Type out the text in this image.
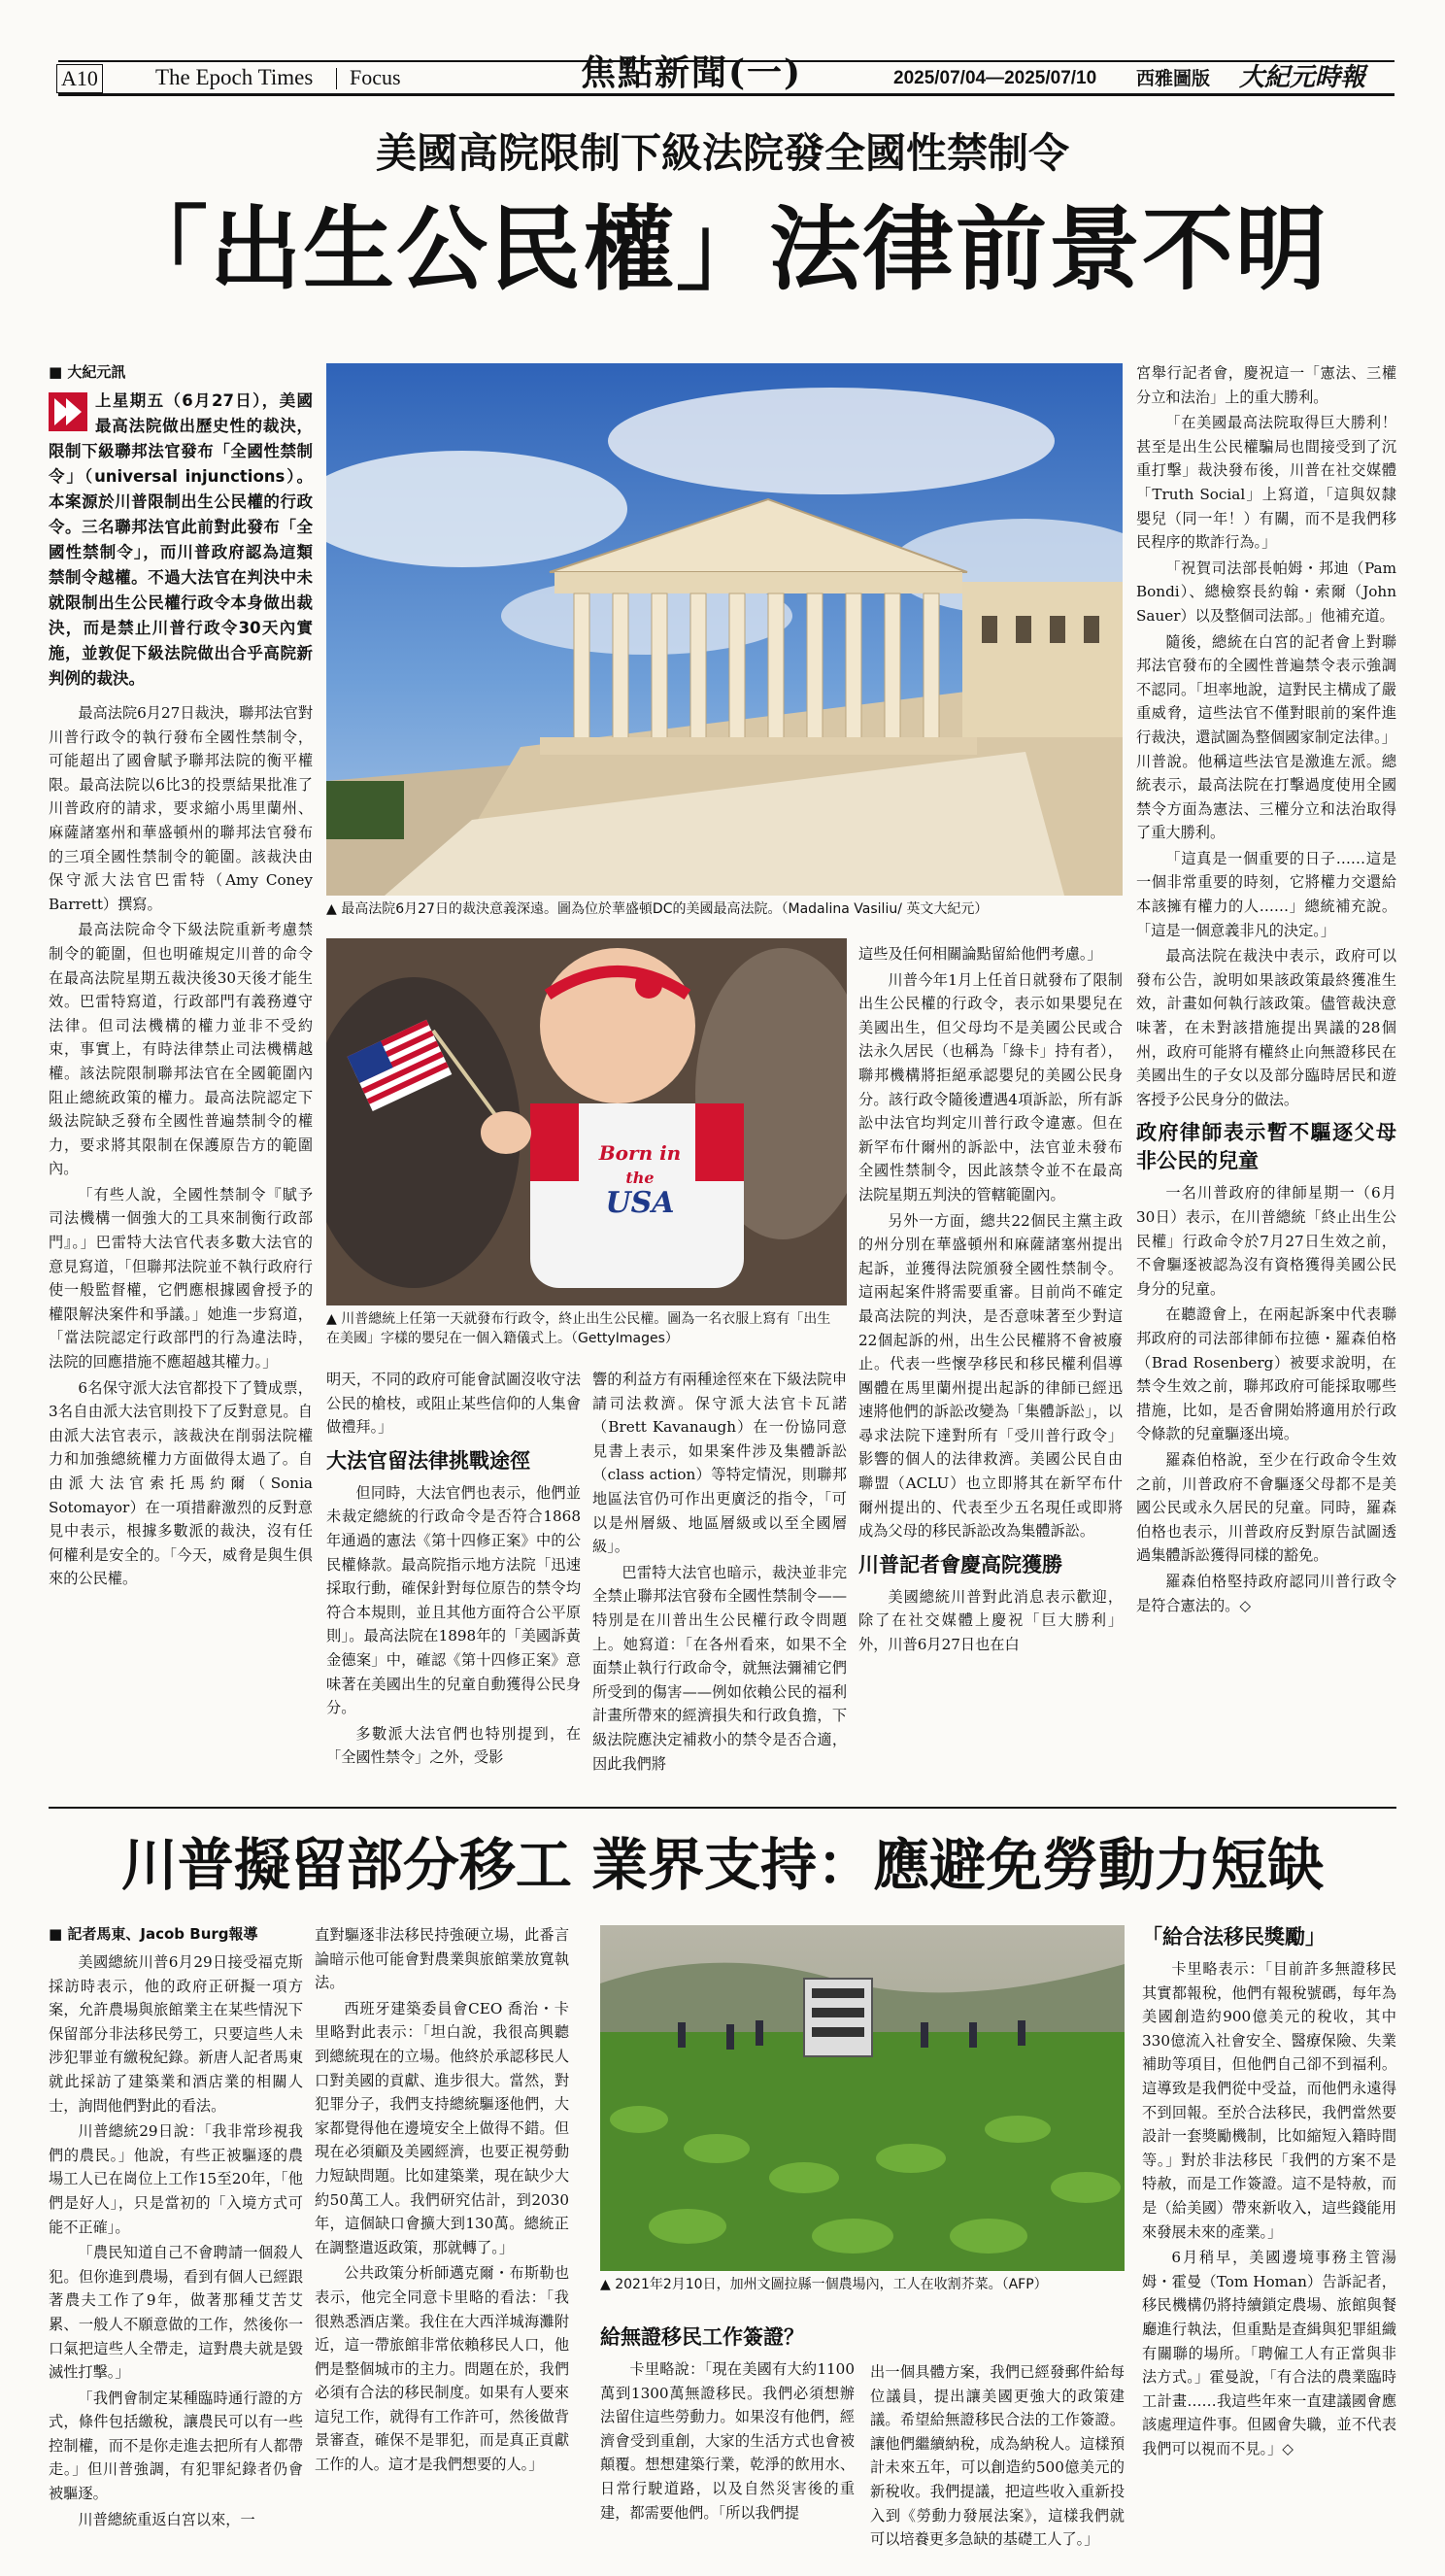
A10	The Epoch Times Focus	焦點新聞(一)	2025/07/04—2025/07/10 西雅圖版 大紀元時報
美國高院限制下級法院發全國性禁制令
「出生公民權」法律前景不明
■ 大紀元訊
上星期五（6月27日），美國最高法院做出歷史性的裁決，限制下級聯邦法官發布「全國性禁制令」（universal injunctions）。本案源於川普限制出生公民權的行政令。三名聯邦法官此前對此發布「全國性禁制令」，而川普政府認為這類禁制令越權。不過大法官在判決中未就限制出生公民權行政令本身做出裁決，而是禁止川普行政令30天內實施，並敦促下級法院做出合乎高院新判例的裁決。

最高法院6月27日裁決，聯邦法官對川普行政令的執行發布全國性禁制令，可能超出了國會賦予聯邦法院的衡平權限。最高法院以6比3的投票結果批准了川普政府的請求，要求縮小馬里蘭州、麻薩諸塞州和華盛頓州的聯邦法官發布的三項全國性禁制令的範圍。該裁決由保守派大法官巴雷特（Amy Coney Barrett）撰寫。

最高法院命令下級法院重新考慮禁制令的範圍，但也明確規定川普的命令在最高法院星期五裁決後30天後才能生效。巴雷特寫道，行政部門有義務遵守法律。但司法機構的權力並非不受約束，事實上，有時法律禁止司法機構越權。該法院限制聯邦法官在全國範圍內阻止總統政策的權力。最高法院認定下級法院缺乏發布全國性普遍禁制令的權力，要求將其限制在保護原告方的範圍內。

「有些人說，全國性禁制令『賦予司法機構一個強大的工具來制衡行政部門』。」巴雷特大法官代表多數大法官的意見寫道，「但聯邦法院並不執行政府行使一般監督權，它們應根據國會授予的權限解決案件和爭議。」她進一步寫道，「當法院認定行政部門的行為違法時，法院的回應措施不應超越其權力。」

6名保守派大法官都投下了贊成票，3名自由派大法官則投下了反對意見。自由派大法官表示，該裁決在削弱法院權力和加強總統權力方面做得太過了。自由派大法官索托馬約爾（Sonia Sotomayor）在一項措辭激烈的反對意見中表示，根據多數派的裁決，沒有任何權利是安全的。「今天，威脅是與生俱來的公民權。

▲ 最高法院6月27日的裁決意義深遠。圖為位於華盛頓DC的美國最高法院。（Madalina Vasiliu/ 英文大紀元）
Born in
the
USA
▲ 川普總統上任第一天就發布行政令，終止出生公民權。圖為一名衣服上寫有「出生在美國」字樣的嬰兒在一個入籍儀式上。（GettyImages）

明天，不同的政府可能會試圖沒收守法公民的槍枝，或阻止某些信仰的人集會做禮拜。」

大法官留法律挑戰途徑

但同時，大法官們也表示，他們並未裁定總統的行政命令是否符合1868年通過的憲法《第十四修正案》中的公民權條款。最高院指示地方法院「迅速採取行動，確保針對每位原告的禁令均符合本規則，並且其他方面符合公平原則」。最高法院在1898年的「美國訴黃金德案」中，確認《第十四修正案》意味著在美國出生的兒童自動獲得公民身分。

多數派大法官們也特別提到，在「全國性禁令」之外，受影

響的利益方有兩種途徑來在下級法院申請司法救濟。保守派大法官卡瓦諾（Brett Kavanaugh）在一份協同意見書上表示，如果案件涉及集體訴訟（class action）等特定情況，則聯邦地區法官仍可作出更廣泛的指令，「可以是州層級、地區層級或以至全國層級」。

巴雷特大法官也暗示，裁決並非完全禁止聯邦法官發布全國性禁制令——特別是在川普出生公民權行政令問題上。她寫道：「在各州看來，如果不全面禁止執行行政命令，就無法彌補它們所受到的傷害——例如依賴公民的福利計畫所帶來的經濟損失和行政負擔，下級法院應決定補救小的禁令是否合適，因此我們將

這些及任何相關論點留給他們考慮。」

川普今年1月上任首日就發布了限制出生公民權的行政令，表示如果嬰兒在美國出生，但父母均不是美國公民或合法永久居民（也稱為「綠卡」持有者），聯邦機構將拒絕承認嬰兒的美國公民身分。該行政令隨後遭遇4項訴訟，所有訴訟中法官均判定川普行政令違憲。但在新罕布什爾州的訴訟中，法官並未發布全國性禁制令，因此該禁令並不在最高法院星期五判決的管轄範圍內。

另外一方面，總共22個民主黨主政的州分別在華盛頓州和麻薩諸塞州提出起訴，並獲得法院頒發全國性禁制令。這兩起案件將需要重審。目前尚不確定最高法院的判決，是否意味著至少對這22個起訴的州，出生公民權將不會被廢止。代表一些懷孕移民和移民權利倡導團體在馬里蘭州提出起訴的律師已經迅速將他們的訴訟改變為「集體訴訟」，以尋求法院下達對所有「受川普行政令」影響的個人的法律救濟。美國公民自由聯盟（ACLU）也立即將其在新罕布什爾州提出的、代表至少五名現任或即將成為父母的移民訴訟改為集體訴訟。

川普記者會慶高院獲勝

美國總統川普對此消息表示歡迎，除了在社交媒體上慶祝「巨大勝利」外，川普6月27日也在白

宮舉行記者會，慶祝這一「憲法、三權分立和法治」上的重大勝利。

「在美國最高法院取得巨大勝利！甚至是出生公民權騙局也間接受到了沉重打擊」裁決發布後，川普在社交媒體「Truth Social」上寫道，「這與奴隸嬰兒（同一年！）有關，而不是我們移民程序的欺詐行為。」

「祝賀司法部長帕姆・邦迪（Pam Bondi）、總檢察長約翰・索爾（John Sauer）以及整個司法部。」他補充道。

隨後，總統在白宮的記者會上對聯邦法官發布的全國性普遍禁令表示強調不認同。「坦率地說，這對民主構成了嚴重威脅，這些法官不僅對眼前的案件進行裁決，還試圖為整個國家制定法律。」川普說。他稱這些法官是激進左派。總統表示，最高法院在打擊過度使用全國禁令方面為憲法、三權分立和法治取得了重大勝利。

「這真是一個重要的日子……這是一個非常重要的時刻，它將權力交還給本該擁有權力的人……」總統補充說。「這是一個意義非凡的決定。」

最高法院在裁決中表示，政府可以發布公告，說明如果該政策最終獲准生效，計畫如何執行該政策。儘管裁決意味著，在未對該措施提出異議的28個州，政府可能將有權終止向無證移民在美國出生的子女以及部分臨時居民和遊客授予公民身分的做法。

政府律師表示暫不驅逐父母非公民的兒童

一名川普政府的律師星期一（6月30日）表示，在川普總統「終止出生公民權」行政命令於7月27日生效之前，不會驅逐被認為沒有資格獲得美國公民身分的兒童。

在聽證會上，在兩起訴案中代表聯邦政府的司法部律師布拉德・羅森伯格（Brad Rosenberg）被要求說明，在禁令生效之前，聯邦政府可能採取哪些措施，比如，是否會開始將適用於行政令條款的兒童驅逐出境。

羅森伯格說，至少在行政命令生效之前，川普政府不會驅逐父母都不是美國公民或永久居民的兒童。同時，羅森伯格也表示，川普政府反對原告試圖透過集體訴訟獲得同樣的豁免。

羅森伯格堅持政府認同川普行政令是符合憲法的。◇

川普擬留部分移工 業界支持：應避免勞動力短缺
■ 記者馬東、Jacob Burg報導

美國總統川普6月29日接受福克斯採訪時表示，他的政府正研擬一項方案，允許農場與旅館業主在某些情況下保留部分非法移民勞工，只要這些人未涉犯罪並有繳稅紀錄。新唐人記者馬東就此採訪了建築業和酒店業的相關人士，詢問他們對此的看法。

川普總統29日說：「我非常珍視我們的農民。」他說，有些正被驅逐的農場工人已在崗位上工作15至20年，「他們是好人」，只是當初的「入境方式可能不正確」。

「農民知道自己不會聘請一個殺人犯。但你進到農場，看到有個人已經跟著農夫工作了9年，做著那種艾苦艾累、一般人不願意做的工作，然後你一口氣把這些人全帶走，這對農夫就是毀滅性打擊。」

「我們會制定某種臨時通行證的方式，條件包括繳稅，讓農民可以有一些控制權，而不是你走進去把所有人都帶走。」但川普強調，有犯罪紀錄者仍會被驅逐。

川普總統重返白宮以來，一

直對驅逐非法移民持強硬立場，此番言論暗示他可能會對農業與旅館業放寬執法。

西班牙建築委員會CEO 喬治・卡里略對此表示：「坦白說，我很高興聽到總統現在的立場。他終於承認移民人口對美國的貢獻、進步很大。當然，對犯罪分子，我們支持總統驅逐他們，大家都覺得他在邊境安全上做得不錯。但現在必須顧及美國經濟，也要正視勞動力短缺問題。比如建築業，現在缺少大約50萬工人。我們研究估計，到2030年，這個缺口會擴大到130萬。總統正在調整遣返政策，那就轉了。」

公共政策分析師邁克爾・布斯勒也表示，他完全同意卡里略的看法：「我很熟悉酒店業。我住在大西洋城海灘附近，這一帶旅館非常依賴移民人口，他們是整個城市的主力。問題在於，我們必須有合法的移民制度。如果有人要來這兒工作，就得有工作許可，然後做背景審查，確保不是罪犯，而是真正貢獻工作的人。這才是我們想要的人。」

▲ 2021年2月10日，加州文圖拉縣一個農場內，工人在收割芥菜。（AFP）
給無證移民工作簽證？

卡里略說：「現在美國有大約1100萬到1300萬無證移民。我們必須想辦法留住這些勞動力。如果沒有他們，經濟會受到重創，大家的生活方式也會被顛覆。想想建築行業，乾淨的飲用水、日常行駛道路，以及自然災害後的重建，都需要他們。「所以我們提

出一個具體方案，我們已經發郵件給每位議員，提出讓美國更強大的政策建議。希望給無證移民合法的工作簽證。讓他們繼續納稅，成為納稅人。這樣預計未來五年，可以創造約500億美元的新稅收。我們提議，把這些收入重新投入到《勞動力發展法案》，這樣我們就可以培養更多急缺的基礎工人了。」

「給合法移民獎勵」

卡里略表示：「目前許多無證移民其實都報稅，他們有報稅號碼，每年為美國創造約900億美元的稅收，其中330億流入社會安全、醫療保險、失業補助等項目，但他們自己卻不到福利。這導致是我們從中受益，而他們永遠得不到回報。至於合法移民，我們當然要設計一套獎勵機制，比如縮短入籍時間等。」對於非法移民「我們的方案不是特赦，而是工作簽證。這不是特赦，而是（給美國）帶來新收入，這些錢能用來發展未來的產業。」

6月稍早，美國邊境事務主管湯姆・霍曼（Tom Homan）告訴記者，移民機構仍將持續鎖定農場、旅館與餐廳進行執法，但重點是查緝與犯罪組織有關聯的場所。「聘僱工人有正當與非法方式。」霍曼說，「有合法的農業臨時工計畫……我這些年來一直建議國會應該處理這件事。但國會失職，並不代表我們可以視而不見。」◇
